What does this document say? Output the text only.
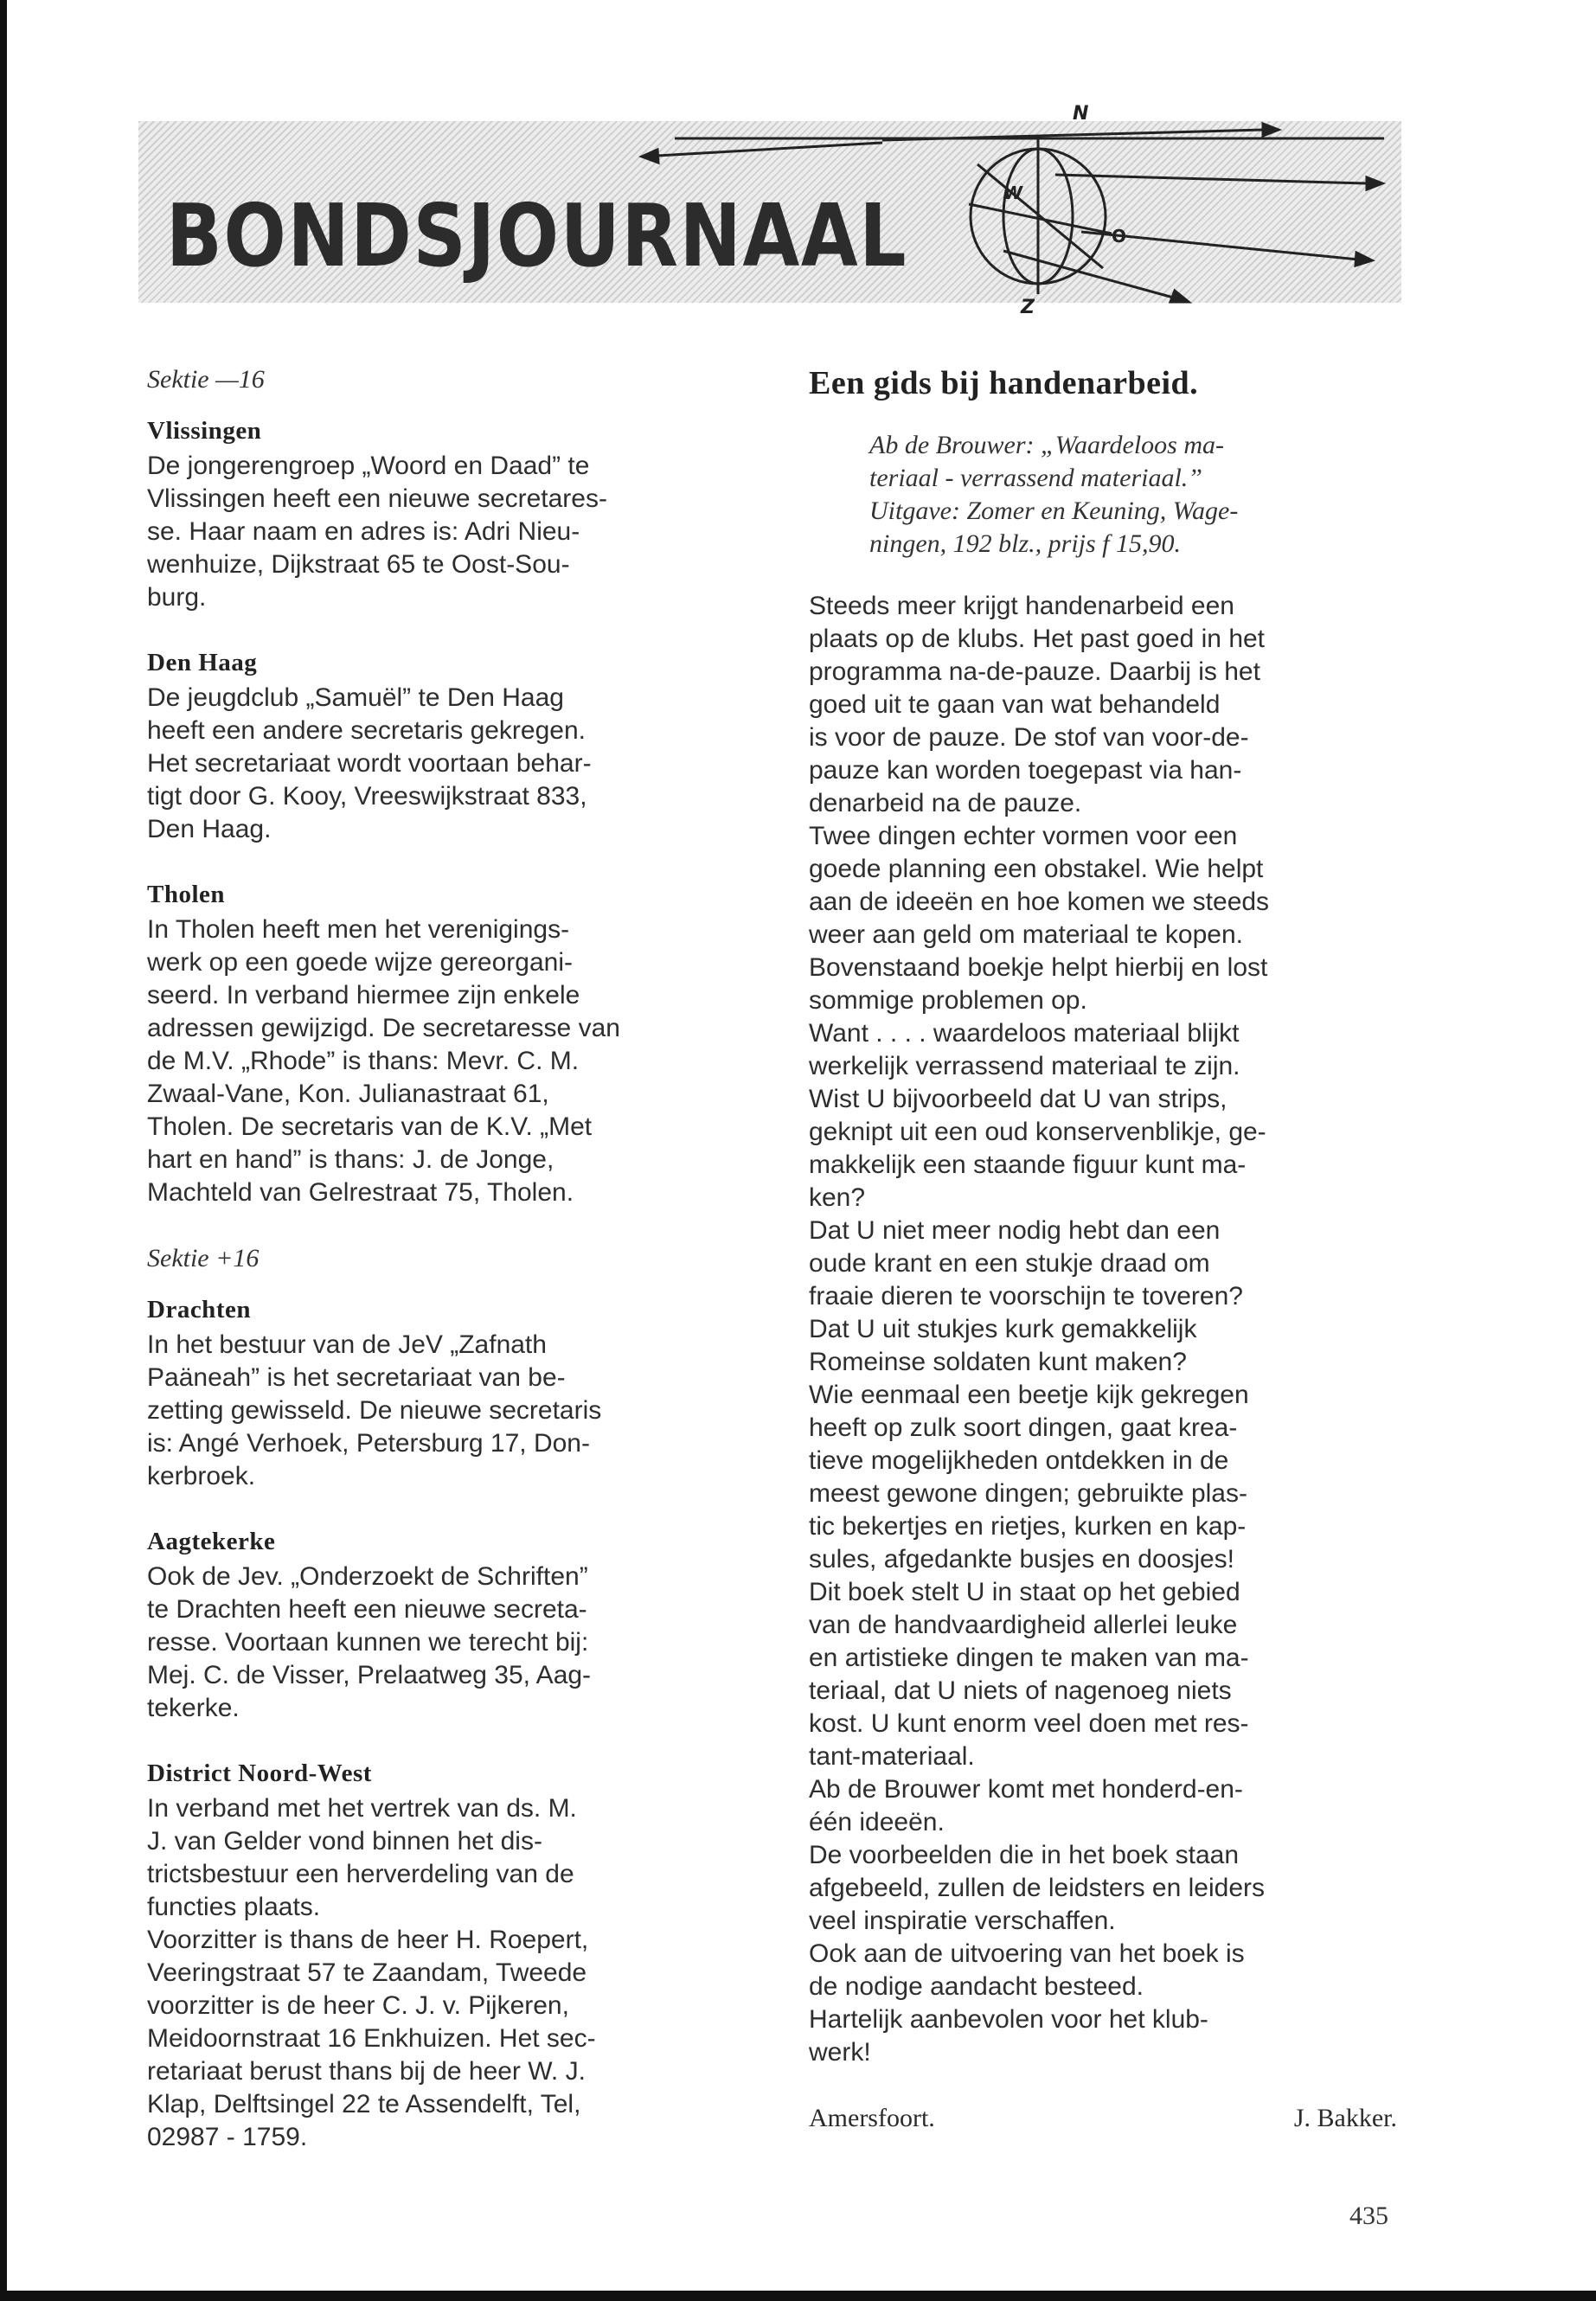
BONDSJOURNAAL
N
W
O
Z

Sektie —16

Vlissingen

De jongerengroep „Woord en Daad” te
Vlissingen heeft een nieuwe secretares-
se. Haar naam en adres is: Adri Nieu-
wenhuize, Dijkstraat 65 te Oost-Sou-
burg.

Den Haag

De jeugdclub „Samuël” te Den Haag
heeft een andere secretaris gekregen.
Het secretariaat wordt voortaan behar-
tigt door G. Kooy, Vreeswijkstraat 833,
Den Haag.

Tholen

In Tholen heeft men het verenigings-
werk op een goede wijze gereorgani-
seerd. In verband hiermee zijn enkele
adressen gewijzigd. De secretaresse van
de M.V. „Rhode” is thans: Mevr. C. M.
Zwaal-Vane, Kon. Julianastraat 61,
Tholen. De secretaris van de K.V. „Met
hart en hand” is thans: J. de Jonge,
Machteld van Gelrestraat 75, Tholen.

Sektie +16

Drachten

In het bestuur van de JeV „Zafnath
Paäneah” is het secretariaat van be-
zetting gewisseld. De nieuwe secretaris
is: Angé Verhoek, Petersburg 17, Don-
kerbroek.

Aagtekerke

Ook de Jev. „Onderzoekt de Schriften”
te Drachten heeft een nieuwe secreta-
resse. Voortaan kunnen we terecht bij:
Mej. C. de Visser, Prelaatweg 35, Aag-
tekerke.

District Noord-West

In verband met het vertrek van ds. M.
J. van Gelder vond binnen het dis-
trictsbestuur een herverdeling van de
functies plaats.
Voorzitter is thans de heer H. Roepert,
Veeringstraat 57 te Zaandam, Tweede
voorzitter is de heer C. J. v. Pijkeren,
Meidoornstraat 16 Enkhuizen. Het sec-
retariaat berust thans bij de heer W. J.
Klap, Delftsingel 22 te Assendelft, Tel,
02987 - 1759.

Een gids bij handenarbeid.

Ab de Brouwer: „Waardeloos ma-
teriaal - verrassend materiaal.”
Uitgave: Zomer en Keuning, Wage-
ningen, 192 blz., prijs f 15,90.

Steeds meer krijgt handenarbeid een
plaats op de klubs. Het past goed in het
programma na-de-pauze. Daarbij is het
goed uit te gaan van wat behandeld
is voor de pauze. De stof van voor-de-
pauze kan worden toegepast via han-
denarbeid na de pauze.
Twee dingen echter vormen voor een
goede planning een obstakel. Wie helpt
aan de ideeën en hoe komen we steeds
weer aan geld om materiaal te kopen.
Bovenstaand boekje helpt hierbij en lost
sommige problemen op.
Want . . . . waardeloos materiaal blijkt
werkelijk verrassend materiaal te zijn.
Wist U bijvoorbeeld dat U van strips,
geknipt uit een oud konservenblikje, ge-
makkelijk een staande figuur kunt ma-
ken?
Dat U niet meer nodig hebt dan een
oude krant en een stukje draad om
fraaie dieren te voorschijn te toveren?
Dat U uit stukjes kurk gemakkelijk
Romeinse soldaten kunt maken?
Wie eenmaal een beetje kijk gekregen
heeft op zulk soort dingen, gaat krea-
tieve mogelijkheden ontdekken in de
meest gewone dingen; gebruikte plas-
tic bekertjes en rietjes, kurken en kap-
sules, afgedankte busjes en doosjes!
Dit boek stelt U in staat op het gebied
van de handvaardigheid allerlei leuke
en artistieke dingen te maken van ma-
teriaal, dat U niets of nagenoeg niets
kost. U kunt enorm veel doen met res-
tant-materiaal.
Ab de Brouwer komt met honderd-en-
één ideeën.
De voorbeelden die in het boek staan
afgebeeld, zullen de leidsters en leiders
veel inspiratie verschaffen.
Ook aan de uitvoering van het boek is
de nodige aandacht besteed.
Hartelijk aanbevolen voor het klub-
werk!

Amersfoort.	J. Bakker.
435
